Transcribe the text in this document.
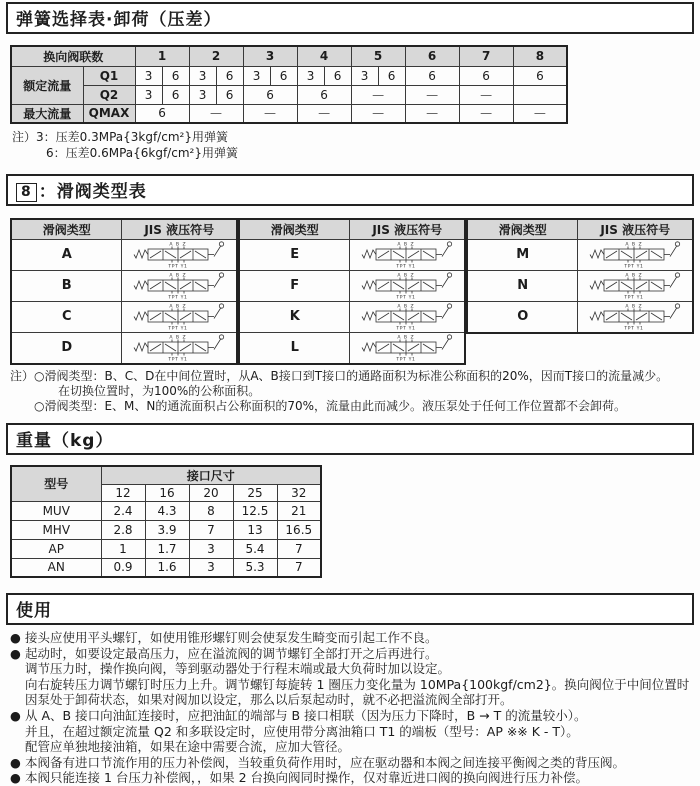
弹簧选择表·卸荷（压差）
换向阀联数		1		2		3		4		5		6	7	8
额定流量	Q1	3	6	3	6	3	6	3	6	3	6	6	6	6
	Q2	3	6	3	6	6		6		—		—	—	
最大流量	QMAX	6		—		—		—		—		—	—	—
注）3：压差0.3MPa{3kgf/cm²}用弹簧
6：压差0.6MPa{6kgf/cm²}用弹簧
8 ：滑阀类型表
滑阀类型	JIS 液压符号
A	

B	

C	

D	
滑阀类型	JIS 液压符号
E	

F	

K	

L	
滑阀类型	JIS 液压符号
M	

N	

O	
注）○滑阀类型：B、C、D在中间位置时，从A、B接口到T接口的通路面积为标准公称面积的20%，因而T接口的流量减少。
在切换位置时，为100%的公称面积。
○滑阀类型：E、M、N的通流面积占公称面积的70%，流量由此而减少。液压泵处于任何工作位置都不会卸荷。
重量（kg）
型号	接口尺寸				
	12	16	20	25	32
MUV	2.4	4.3	8	12.5	21
MHV	2.8	3.9	7	13	16.5
AP	1	1.7	3	5.4	7
AN	0.9	1.6	3	5.3	7
使用
● 接头应使用平头螺钉，如使用锥形螺钉则会使泵发生畸变而引起工作不良。
● 起动时，如要设定最高压力，应在溢流阀的调节螺钉全部打开之后再进行。
调节压力时，操作换向阀，等到驱动器处于行程末端或最大负荷时加以设定。
向右旋转压力调节螺钉时压力上升。调节螺钉每旋转 1 圈压力变化量为 10MPa{100kgf/cm2}。换向阀位于中间位置时因泵处于卸荷状态，如果对阀加以设定，那么以后泵起动时，就不必把溢流阀全部打开。
● 从 A、B 接口向油缸连接时，应把油缸的端部与 B 接口相联（因为压力下降时，B → T 的流量较小）。
并且，在超过额定流量 Q2 和多联设定时，应使用带分离油箱口 T1 的端板（型号：AP ※※ K - T）。
配管应单独地接油箱，如果在途中需要合流，应加大管径。
● 本阀备有进口节流作用的压力补偿阀，当较重负荷作用时，应在驱动器和本阀之间连接平衡阀之类的背压阀。
● 本阀只能连接 1 台压力补偿阀，，如果 2 台换向阀同时操作，仅对靠近进口阀的换向阀进行压力补偿。
